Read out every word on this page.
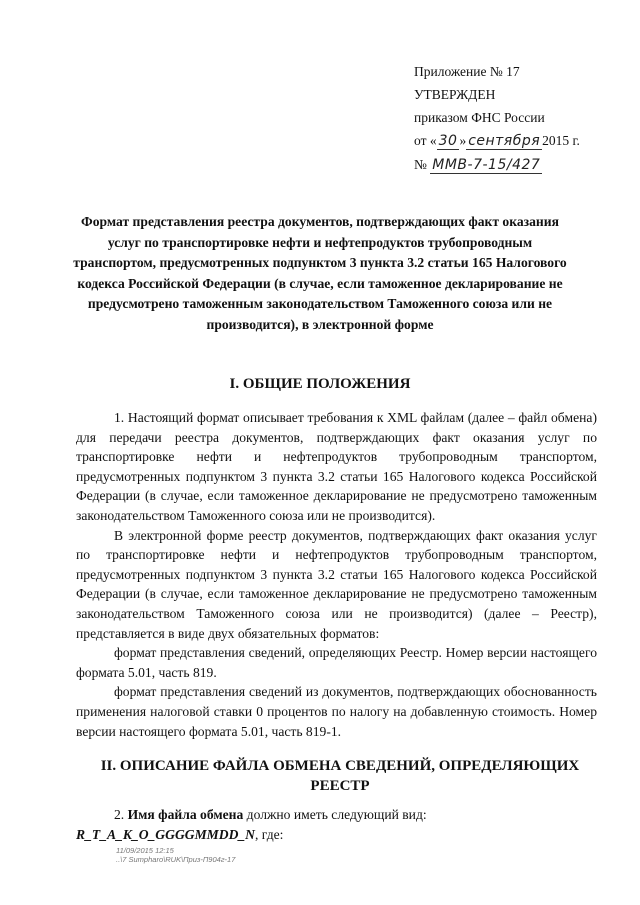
Приложение № 17
УТВЕРЖДЕН
приказом ФНС России
от « 30 » сентября 2015 г.
№ ММВ-7-15/427
Формат представления реестра документов, подтверждающих факт оказания услуг по транспортировке нефти и нефтепродуктов трубопроводным транспортом, предусмотренных подпунктом 3 пункта 3.2 статьи 165 Налогового кодекса Российской Федерации (в случае, если таможенное декларирование не предусмотрено таможенным законодательством Таможенного союза или не производится), в электронной форме
I. ОБЩИЕ ПОЛОЖЕНИЯ

1. Настоящий формат описывает требования к XML файлам (далее – файл обмена) для передачи реестра документов, подтверждающих факт оказания услуг по транспортировке нефти и нефтепродуктов трубопроводным транспортом, предусмотренных подпунктом 3 пункта 3.2 статьи 165 Налогового кодекса Российской Федерации (в случае, если таможенное декларирование не предусмотрено таможенным законодательством Таможенного союза или не производится).

В электронной форме реестр документов, подтверждающих факт оказания услуг по транспортировке нефти и нефтепродуктов трубопроводным транспортом, предусмотренных подпунктом 3 пункта 3.2 статьи 165 Налогового кодекса Российской Федерации (в случае, если таможенное декларирование не предусмотрено таможенным законодательством Таможенного союза или не производится) (далее – Реестр), представляется в виде двух обязательных форматов:

формат представления сведений, определяющих Реестр. Номер версии настоящего формата 5.01, часть 819.

формат представления сведений из документов, подтверждающих обоснованность применения налоговой ставки 0 процентов по налогу на добавленную стоимость. Номер версии настоящего формата 5.01, часть 819-1.

II. ОПИСАНИЕ ФАЙЛА ОБМЕНА СВЕДЕНИЙ, ОПРЕДЕЛЯЮЩИХ РЕЕСТР

2. Имя файла обмена должно иметь следующий вид:

R_T_A_K_O_GGGGMMDD_N, где:

11/09/2015 12:15
..\7 Sumpharo\RUK\Приз-П904г-17
